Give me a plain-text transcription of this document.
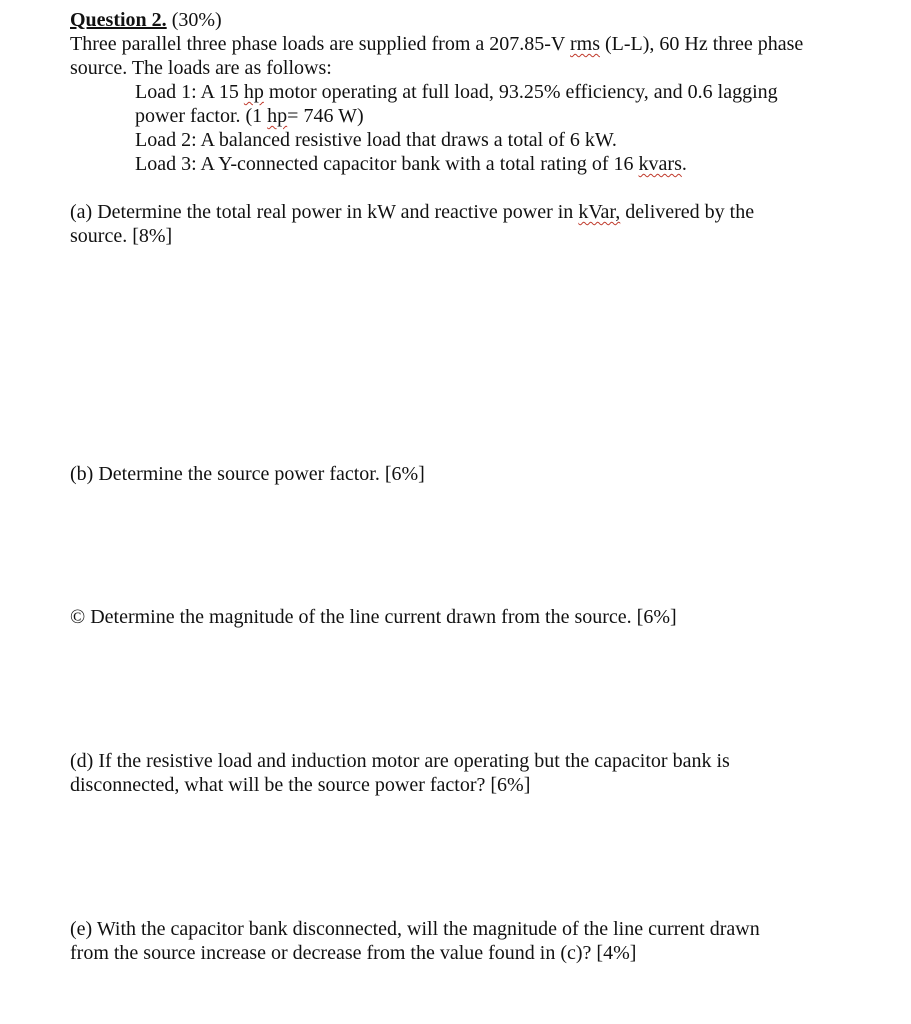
Question 2. (30%)
Three parallel three phase loads are supplied from a 207.85-V rms (L-L), 60 Hz three phase
source. The loads are as follows:
Load 1: A 15 hp motor operating at full load, 93.25% efficiency, and 0.6 lagging
power factor. (1 hp= 746 W)
Load 2: A balanced resistive load that draws a total of 6 kW.
Load 3: A Y-connected capacitor bank with a total rating of 16 kvars.
(a) Determine the total real power in kW and reactive power in kVar, delivered by the
source. [8%]
(b) Determine the source power factor. [6%]
© Determine the magnitude of the line current drawn from the source. [6%]
(d) If the resistive load and induction motor are operating but the capacitor bank is
disconnected, what will be the source power factor? [6%]
(e) With the capacitor bank disconnected, will the magnitude of the line current drawn
from the source increase or decrease from the value found in (c)? [4%]
